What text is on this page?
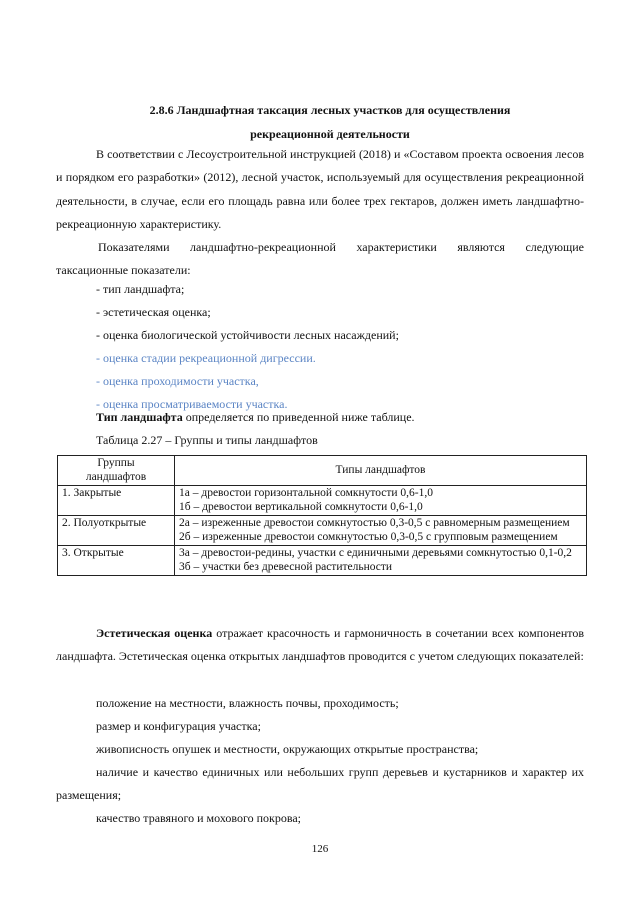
2.8.6 Ландшафтная таксация лесных участков для осуществления
рекреационной деятельности

В соответствии с Лесоустроительной инструкцией (2018) и «Составом проекта освоения лесов и порядком его разработки» (2012), лесной участок, используемый для осуществления рекреационной деятельности, в случае, если его площадь равна или более трех гектаров, должен иметь ландшафтно-рекреационную характеристику.

Показателями ландшафтно-рекреационной характеристики являются следующие таксационные показатели:

- тип ландшафта;

- эстетическая оценка;

- оценка биологической устойчивости лесных насаждений;

- оценка стадии рекреационной дигрессии.

- оценка проходимости участка,

- оценка просматриваемости участка.

Тип ландшафта определяется по приведенной ниже таблице.

Таблица 2.27 – Группы и типы ландшафтов

Группы
ландшафтов	Типы ландшафтов
1. Закрытые	1а – древостои горизонтальной сомкнутости 0,6-1,0
1б – древостои вертикальной сомкнутости 0,6-1,0

2. Полуоткрытые	2а – изреженные древостои сомкнутостью 0,3-0,5 с равномерным размещением
2б – изреженные древостои сомкнутостью 0,3-0,5 с групповым размещением

3. Открытые	3а – древостои-редины, участки с единичными деревьями сомкнутостью 0,1-0,2
3б – участки без древесной растительности

Эстетическая оценка отражает красочность и гармоничность в сочетании всех компонентов ландшафта. Эстетическая оценка открытых ландшафтов проводится с учетом следующих показателей:

положение на местности, влажность почвы, проходимость;

размер и конфигурация участка;

живописность опушек и местности, окружающих открытые пространства;

наличие и качество единичных или небольших групп деревьев и кустарников и характер их размещения;

качество травяного и мохового покрова;

126
